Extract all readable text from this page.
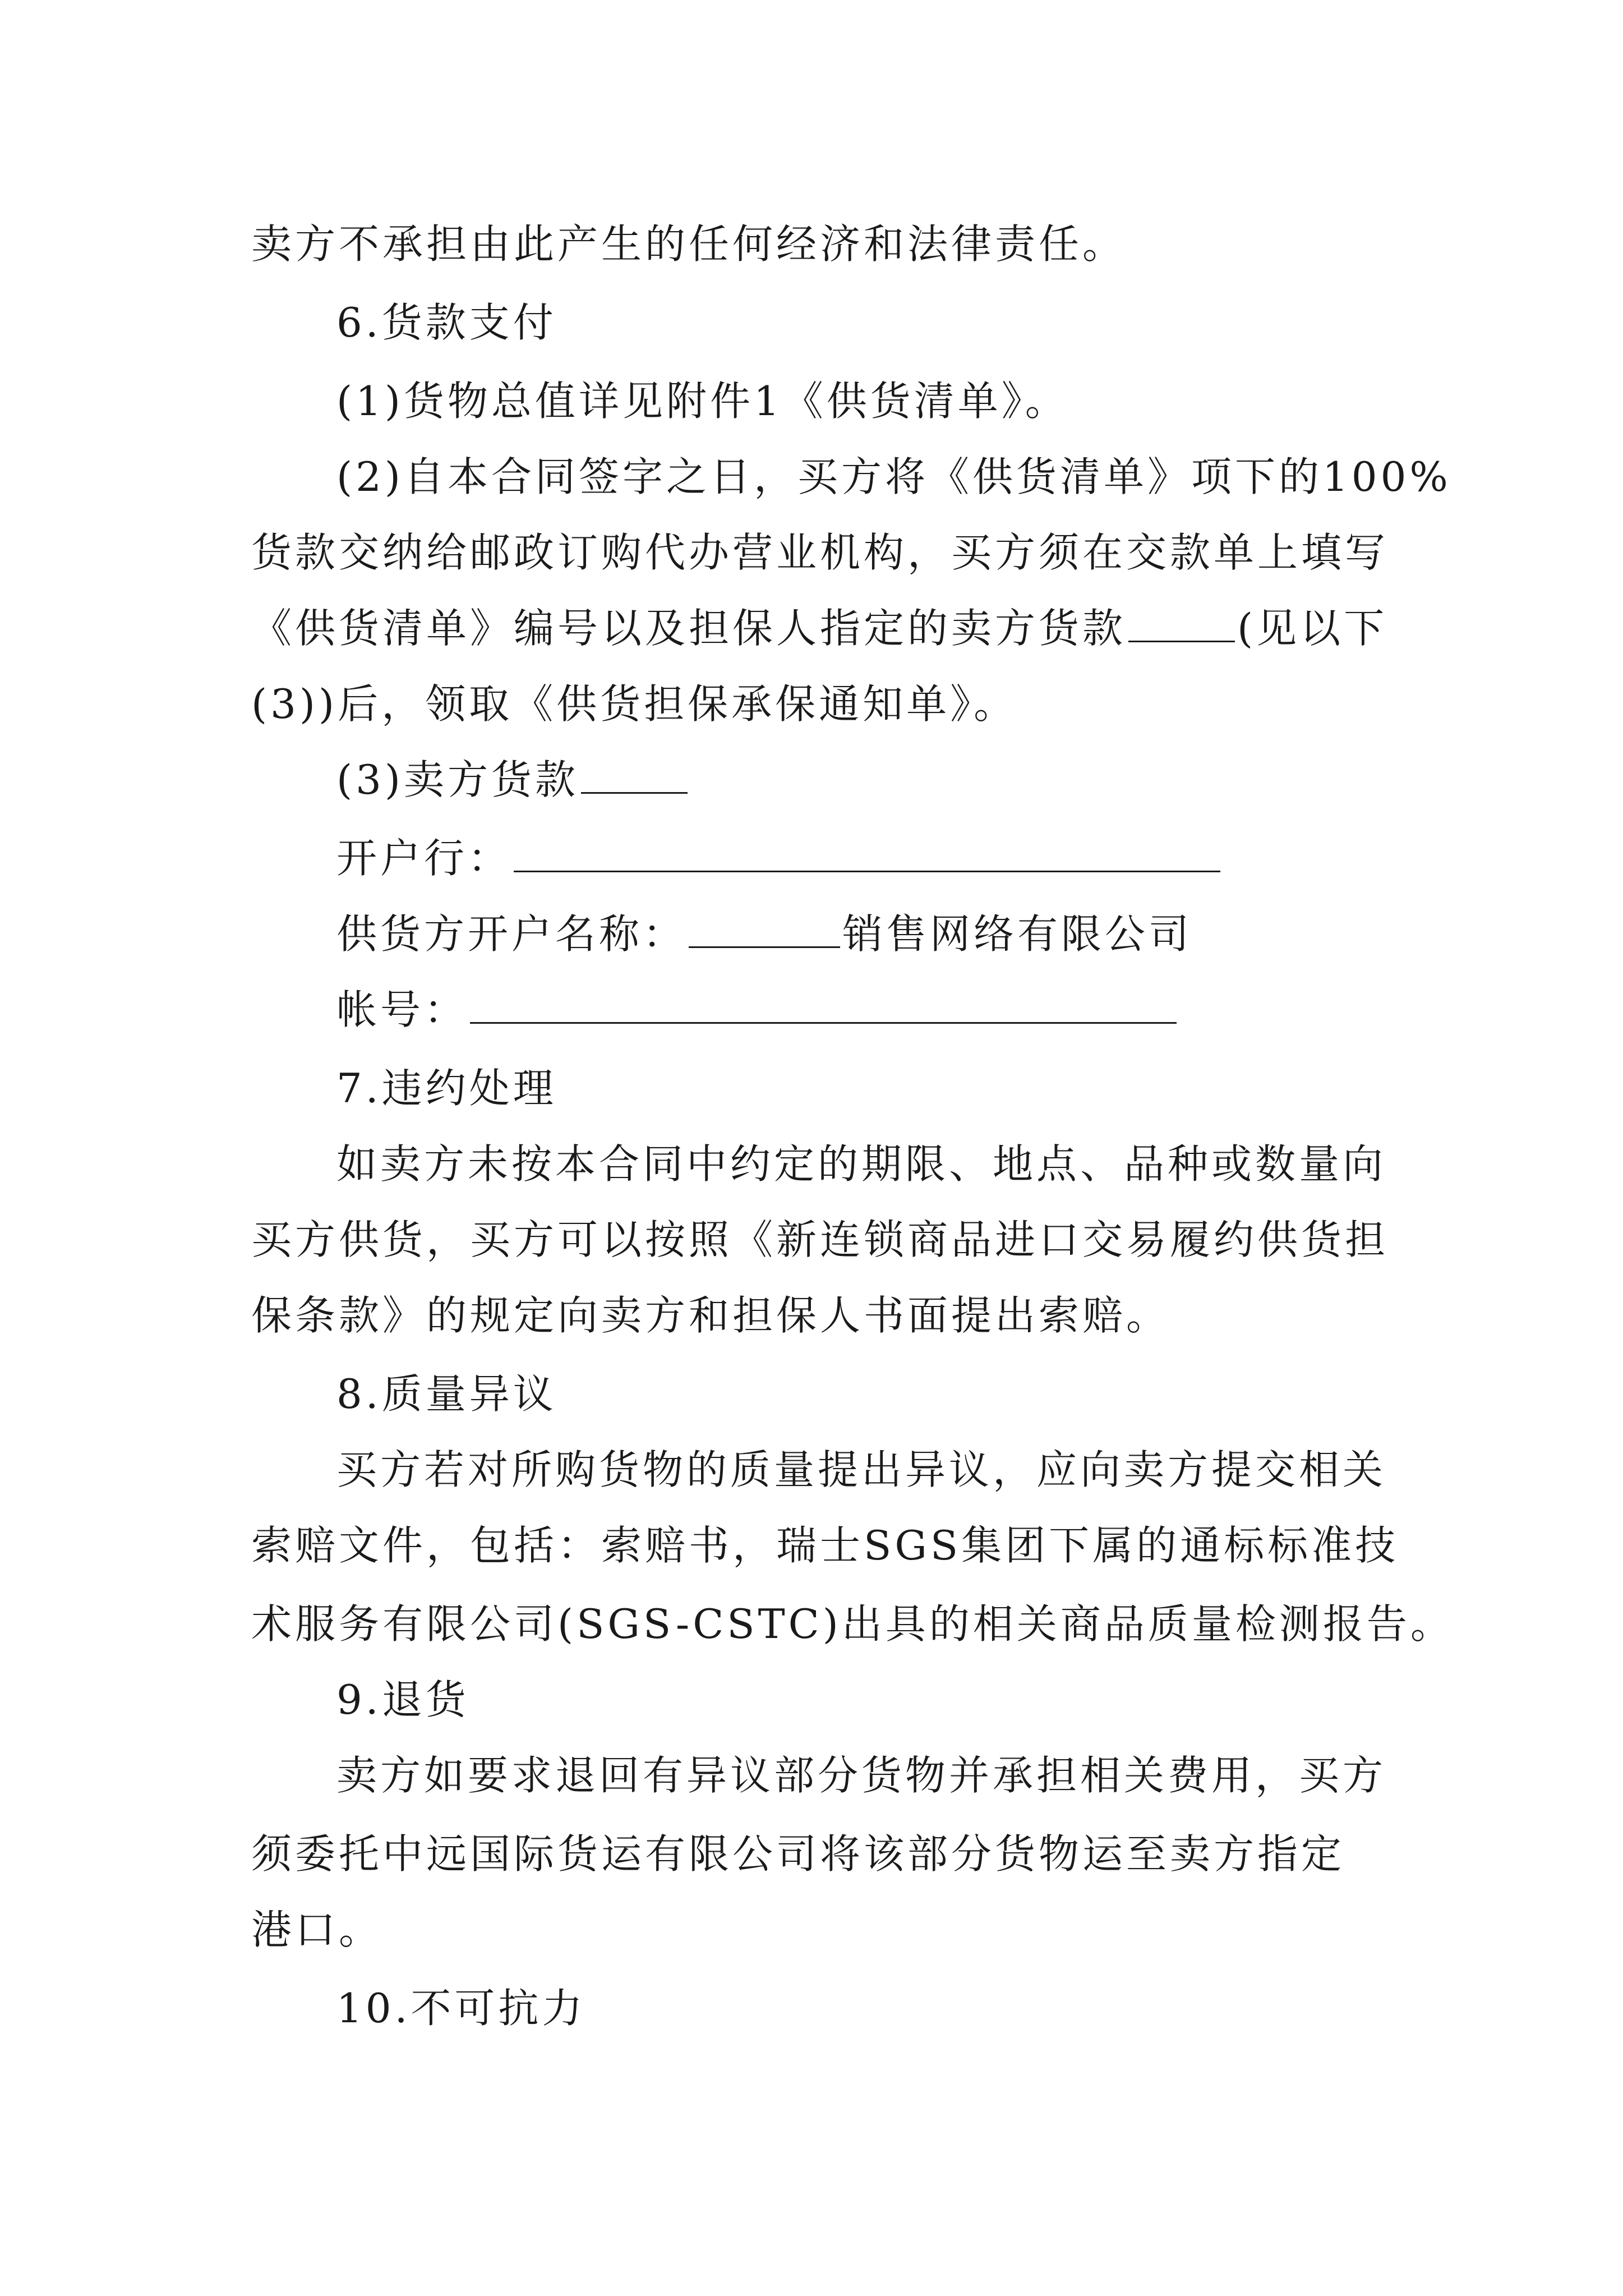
卖方不承担由此产生的任何经济和法律责任。
6.货款支付
(1)货物总值详见附件1《供货清单》。
(2)自本合同签字之日，买方将《供货清单》项下的100%
货款交纳给邮政订购代办营业机构，买方须在交款单上填写
《供货清单》编号以及担保人指定的卖方货款	(见以下
(3))后，领取《供货担保承保通知单》。
(3)卖方货款
开户行：
供货方开户名称：	销售网络有限公司
帐号：
7.违约处理
如卖方未按本合同中约定的期限、地点、品种或数量向
买方供货，买方可以按照《新连锁商品进口交易履约供货担
保条款》的规定向卖方和担保人书面提出索赔。
8.质量异议
买方若对所购货物的质量提出异议，应向卖方提交相关
索赔文件，包括：索赔书，瑞士SGS集团下属的通标标准技
术服务有限公司(SGS-CSTC)出具的相关商品质量检测报告。
9.退货
卖方如要求退回有异议部分货物并承担相关费用，买方
须委托中远国际货运有限公司将该部分货物运至卖方指定
港口。
10.不可抗力
